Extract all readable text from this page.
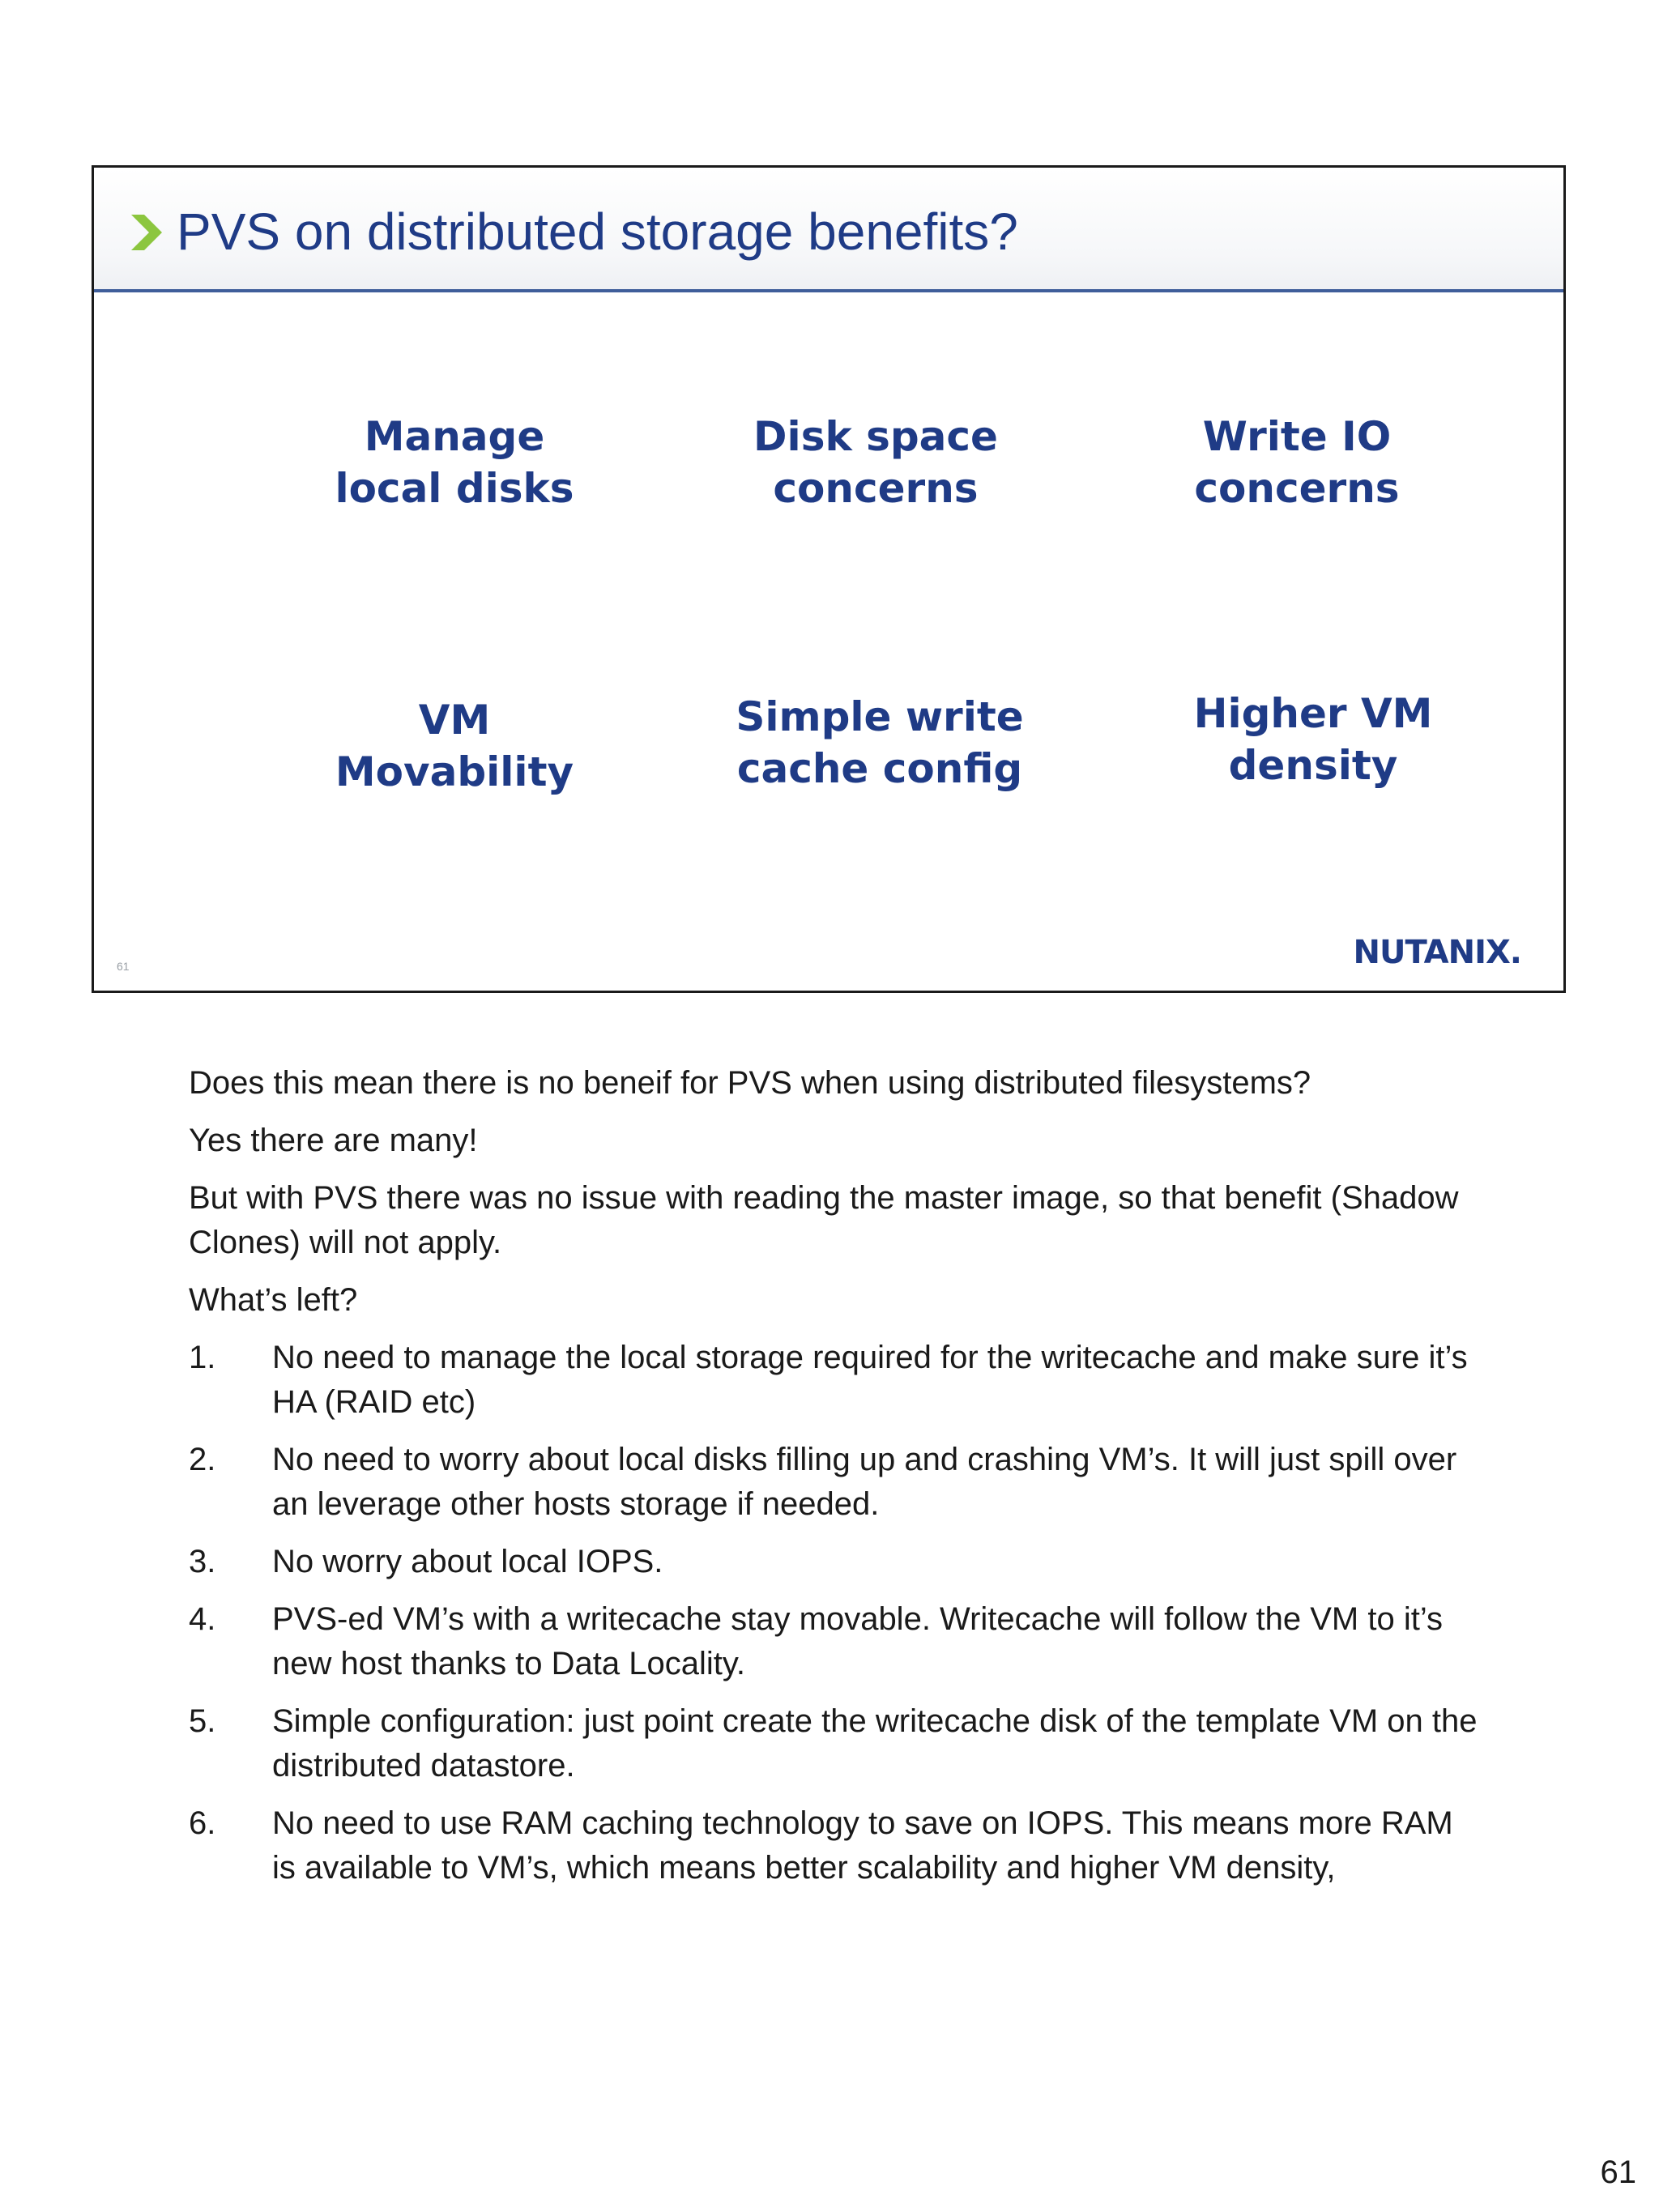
PVS on distributed storage benefits?
Manage
local disks
Disk space
concerns
Write IO
concerns
VM
Movability
Simple write
cache config
Higher VM
density
61	NUTANIX.

Does this mean there is no beneif for PVS when using distributed filesystems?

Yes there are many!

But with PVS there was no issue with reading the master image, so that benefit (Shadow Clones) will not apply.

What’s left?

1. No need to manage the local storage required for the writecache and make sure it’s HA (RAID etc)
2. No need to worry about local disks filling up and crashing VM’s. It will just spill over an leverage other hosts storage if needed.
3. No worry about local IOPS.
4. PVS-ed VM’s with a writecache stay movable. Writecache will follow the VM to it’s new host thanks to Data Locality.
5. Simple configuration: just point create the writecache disk of the template VM on the distributed datastore.
6. No need to use RAM caching technology to save on IOPS. This means more RAM is available to VM’s, which means better scalability and higher VM density,
61
